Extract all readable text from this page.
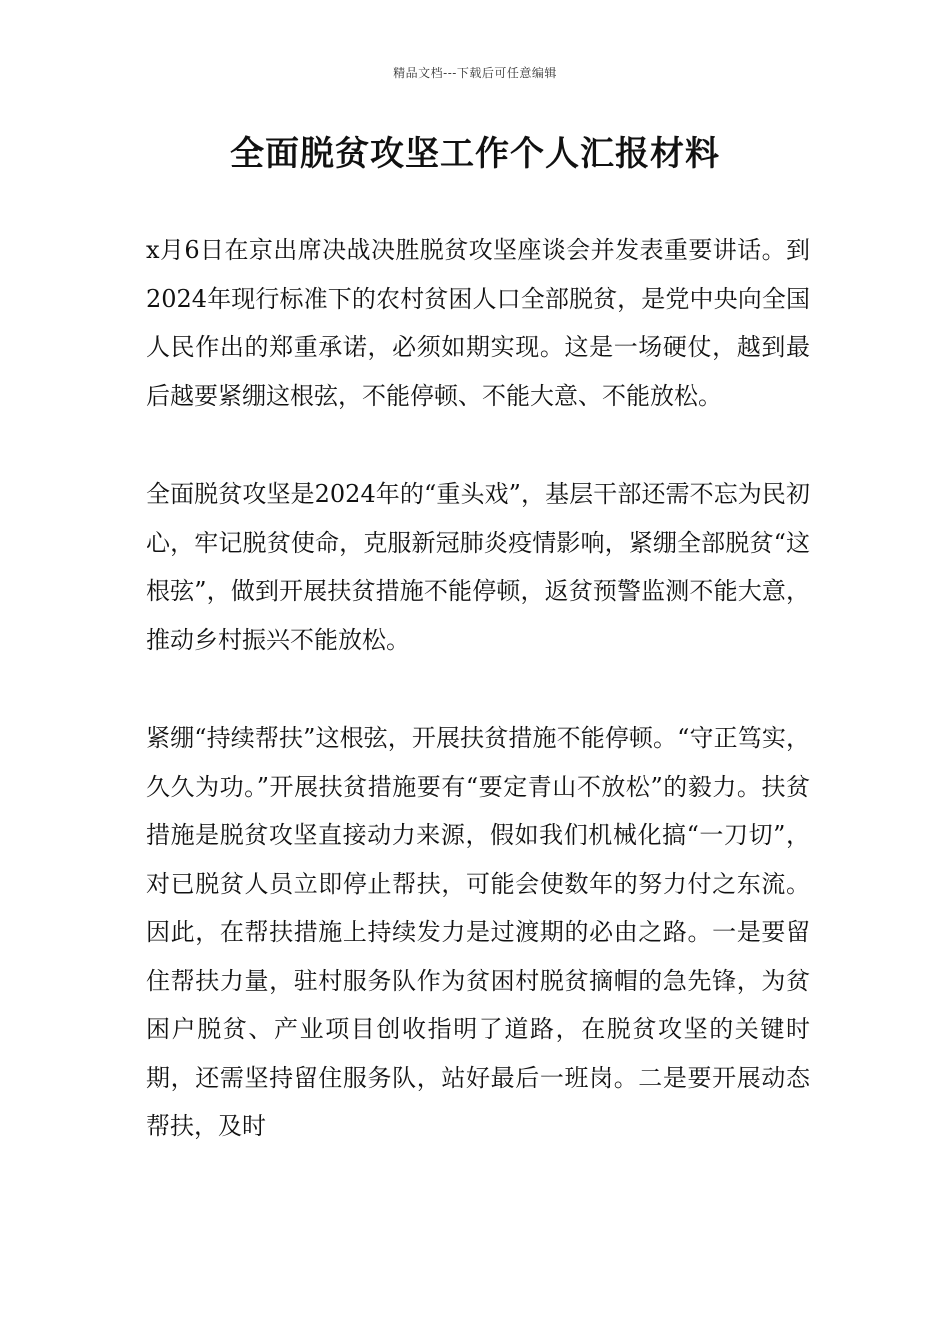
精品文档---下载后可任意编辑
全面脱贫攻坚工作个人汇报材料

x月6日在京出席决战决胜脱贫攻坚座谈会并发表重要讲话。到2024年现行标准下的农村贫困人口全部脱贫，是党中央向全国人民作出的郑重承诺，必须如期实现。这是一场硬仗，越到最后越要紧绷这根弦，不能停顿、不能大意、不能放松。

全面脱贫攻坚是2024年的“重头戏”，基层干部还需不忘为民初心，牢记脱贫使命，克服新冠肺炎疫情影响，紧绷全部脱贫“这根弦”，做到开展扶贫措施不能停顿，返贫预警监测不能大意，推动乡村振兴不能放松。

紧绷“持续帮扶”这根弦，开展扶贫措施不能停顿。“守正笃实，久久为功。”开展扶贫措施要有“要定青山不放松”的毅力。扶贫措施是脱贫攻坚直接动力来源，假如我们机械化搞“一刀切”，对已脱贫人员立即停止帮扶，可能会使数年的努力付之东流。因此，在帮扶措施上持续发力是过渡期的必由之路。一是要留住帮扶力量，驻村服务队作为贫困村脱贫摘帽的急先锋，为贫困户脱贫、产业项目创收指明了道路，在脱贫攻坚的关键时期，还需坚持留住服务队，站好最后一班岗。二是要开展动态帮扶，及时
